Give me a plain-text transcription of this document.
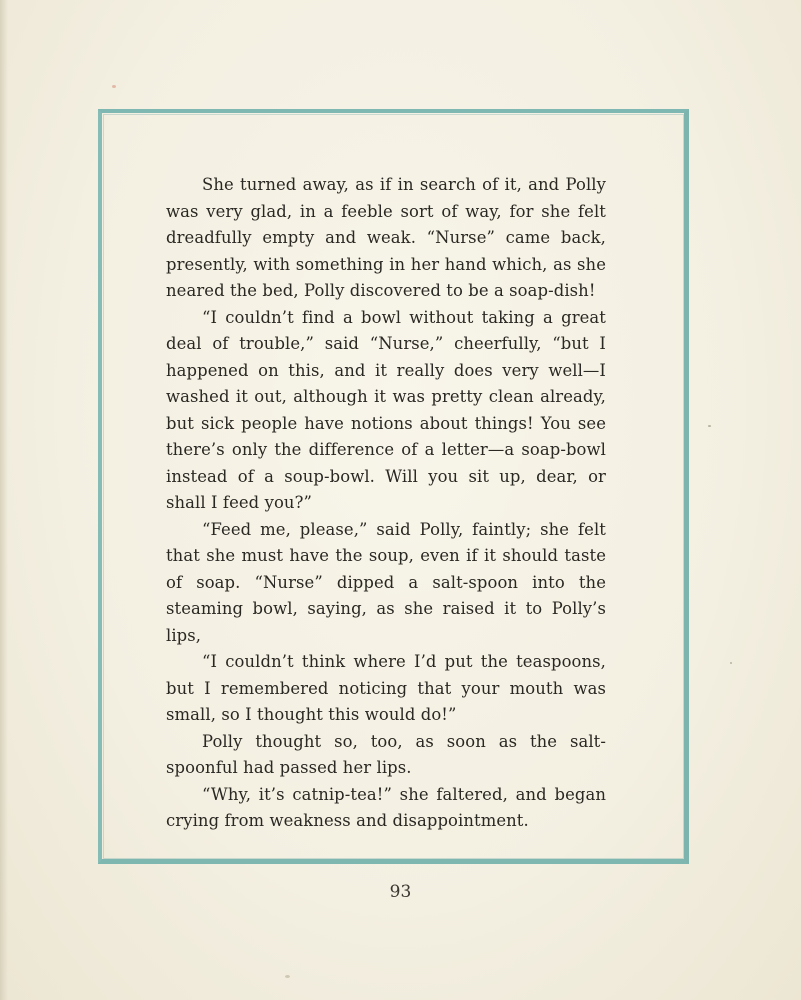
She turned away, as if in search of it, and Polly was very glad, in a feeble sort of way, for she felt dreadfully empty and weak. “Nurse” came back, presently, with something in her hand which, as she neared the bed, Polly discovered to be a soap-dish!

“I couldn’t find a bowl without taking a great deal of trouble,” said “Nurse,” cheerfully, “but I happened on this, and it really does very well—I washed it out, although it was pretty clean already, but sick people have notions about things! You see there’s only the difference of a letter—a soap-bowl instead of a soup-bowl. Will you sit up, dear, or shall I feed you?”

“Feed me, please,” said Polly, faintly; she felt that she must have the soup, even if it should taste of soap. “Nurse” dipped a salt-spoon into the steaming bowl, saying, as she raised it to Polly’s lips,

“I couldn’t think where I’d put the teaspoons, but I remembered noticing that your mouth was small, so I thought this would do!”

Polly thought so, too, as soon as the salt-spoonful had passed her lips.

“Why, it’s catnip-tea!” she faltered, and began crying from weakness and disappointment.

93
